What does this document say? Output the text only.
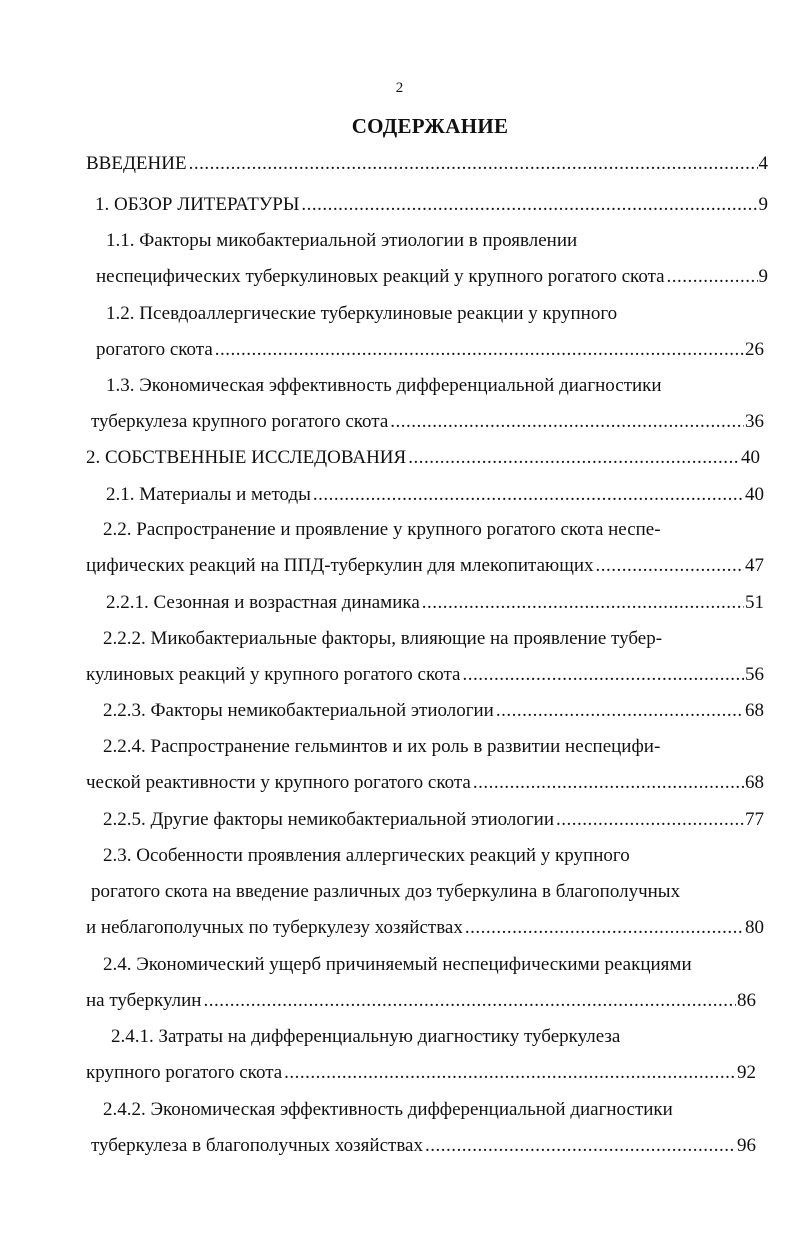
2
СОДЕРЖАНИЕ
ВВЕДЕНИЕ .....	4
1. ОБЗОР ЛИТЕРАТУРЫ .....	9
1.1. Факторы микобактериальной этиологии в проявлении
неспецифических туберкулиновых реакций у крупного рогатого скота .....	9
1.2. Псевдоаллергические туберкулиновые реакции у крупного
рогатого скота .....	26
1.3. Экономическая эффективность дифференциальной диагностики
туберкулеза крупного рогатого скота .....	36
2. СОБСТВЕННЫЕ ИССЛЕДОВАНИЯ .....	40
2.1. Материалы и методы .....	40
2.2. Распространение и проявление у крупного рогатого скота неспе-
цифических реакций на ППД-туберкулин для млекопитающих .....	47
2.2.1. Сезонная и возрастная динамика .....	51
2.2.2. Микобактериальные факторы, влияющие на проявление тубер-
кулиновых реакций у крупного рогатого скота .....	56
2.2.3. Факторы немикобактериальной этиологии .....	68
2.2.4. Распространение гельминтов и их роль в развитии неспецифи-
ческой реактивности у крупного рогатого скота .....	68
2.2.5. Другие факторы немикобактериальной этиологии .....	77
2.3. Особенности проявления аллергических реакций у крупного
рогатого скота на введение различных доз туберкулина в благополучных
и неблагополучных по туберкулезу хозяйствах .....	80
2.4. Экономический ущерб причиняемый неспецифическими реакциями
на туберкулин .....	86
2.4.1. Затраты на дифференциальную диагностику туберкулеза
крупного рогатого скота .....	92
2.4.2. Экономическая эффективность дифференциальной диагностики
туберкулеза в благополучных хозяйствах .....	96
